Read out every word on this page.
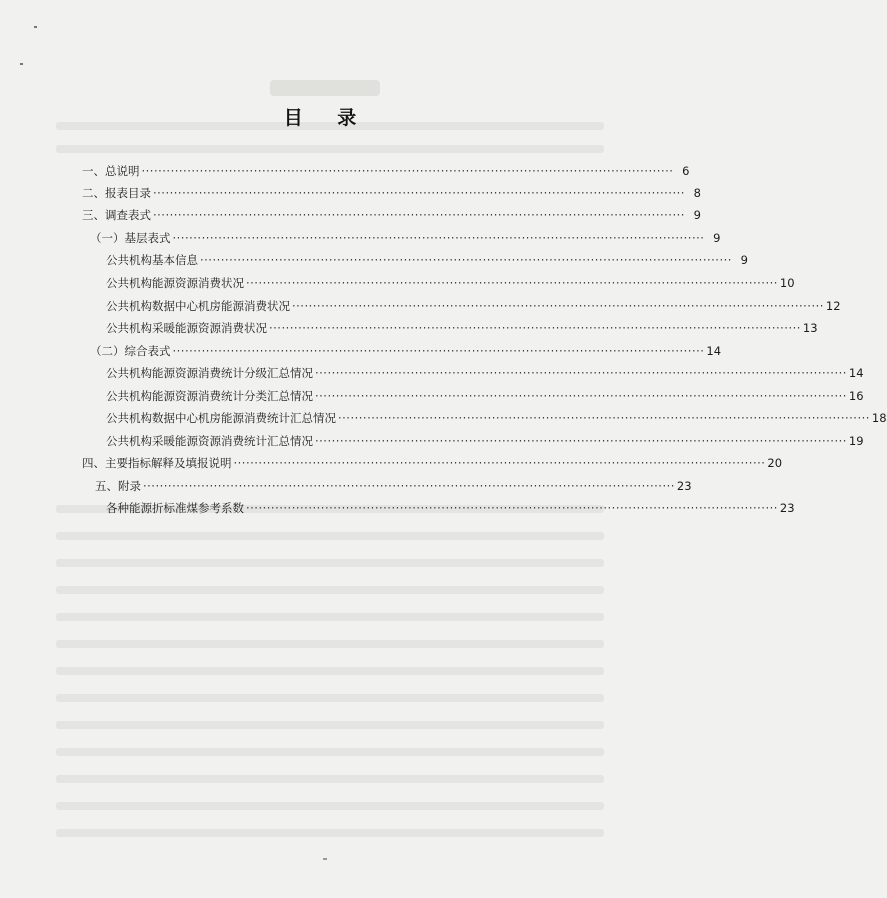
目 录
一、总说明 ································································································································ 6
二、报表目录 ································································································································ 8
三、调查表式 ································································································································ 9
（一）基层表式 ································································································································ 9
公共机构基本信息 ································································································································ 9
公共机构能源资源消费状况 ································································································································ 10
公共机构数据中心机房能源消费状况 ································································································································ 12
公共机构采暖能源资源消费状况 ································································································································ 13
（二）综合表式 ································································································································ 14
公共机构能源资源消费统计分级汇总情况 ································································································································ 14
公共机构能源资源消费统计分类汇总情况 ································································································································ 16
公共机构数据中心机房能源消费统计汇总情况 ································································································································ 18
公共机构采暖能源资源消费统计汇总情况 ································································································································ 19
四、主要指标解释及填报说明 ································································································································ 20
五、附录 ································································································································ 23
各种能源折标准煤参考系数 ································································································································ 23
